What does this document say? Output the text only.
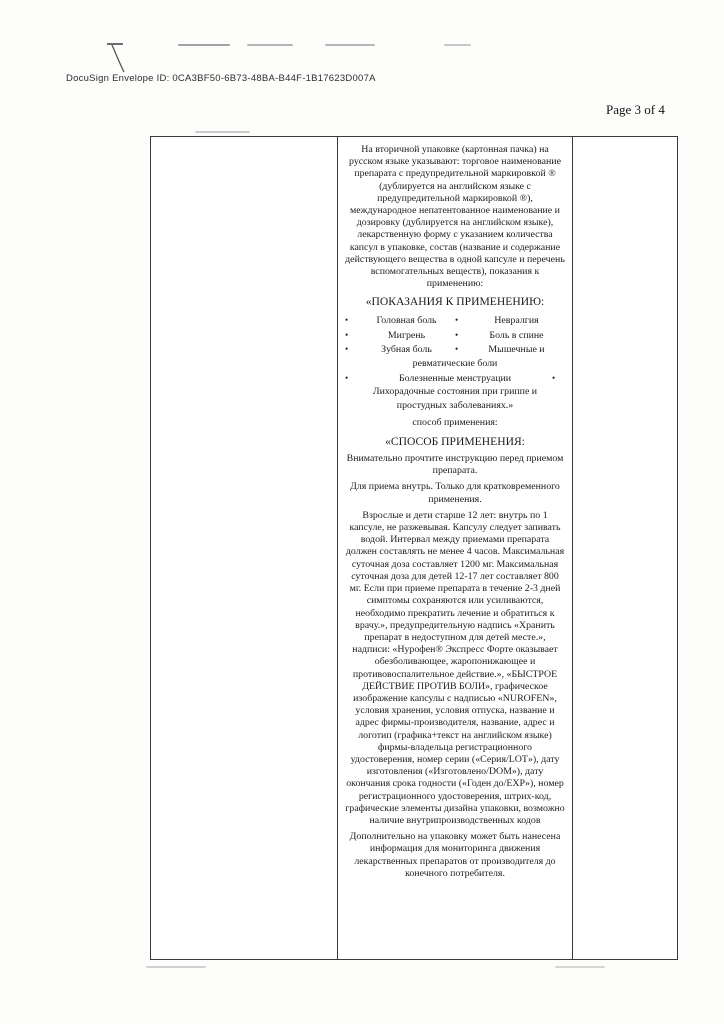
DocuSign Envelope ID: 0CA3BF50-6B73-48BA-B44F-1B17623D007A
Page 3 of 4
На вторичной упаковке (картонная пачка) на русском языке указывают: торговое наименование препарата с предупредительной маркировкой ® (дублируется на английском языке с предупредительной маркировкой ®), международное непатентованное наименование и дозировку (дублируется на английском языке), лекарственную форму с указанием количества капсул в упаковке, состав (название и содержание действующего вещества в одной капсуле и перечень вспомогательных веществ), показания к применению:
«ПОКАЗАНИЯ К ПРИМЕНЕНИЮ:
•	Головная боль	•	Невралгия
•	Мигрень	•	Боль в спине
•	Зубная боль	•	Мышечные и
ревматические боли
•	Болезненные менструации	•
Лихорадочные состояния при гриппе и
простудных заболеваниях.»
способ применения:
«СПОСОБ ПРИМЕНЕНИЯ:
Внимательно прочтите инструкцию перед приемом препарата.
Для приема внутрь. Только для кратковременного применения.
Взрослые и дети старше 12 лет: внутрь по 1 капсуле, не разжевывая. Капсулу следует запивать водой. Интервал между приемами препарата должен составлять не менее 4 часов. Максимальная суточная доза составляет 1200 мг. Максимальная суточная доза для детей 12-17 лет составляет 800 мг. Если при приеме препарата в течение 2-3 дней симптомы сохраняются или усиливаются, необходимо прекратить лечение и обратиться к врачу.», предупредительную надпись «Хранить препарат в недоступном для детей месте.», надписи: «Нурофен® Экспресс Форте оказывает обезболивающее, жаропонижающее и противовоспалительное действие.», «БЫСТРОЕ ДЕЙСТВИЕ ПРОТИВ БОЛИ», графическое изображение капсулы с надписью «NUROFEN», условия хранения, условия отпуска, название и адрес фирмы-производителя, название, адрес и логотип (графика+текст на английском языке) фирмы-владельца регистрационного удостоверения, номер серии («Серия/LOT»), дату изготовления («Изготовлено/DOM»), дату окончания срока годности («Годен до/EXP»), номер регистрационного удостоверения, штрих-код, графические элементы дизайна упаковки, возможно наличие внутрипроизводственных кодов
Дополнительно на упаковку может быть нанесена информация для мониторинга движения лекарственных препаратов от производителя до конечного потребителя.
